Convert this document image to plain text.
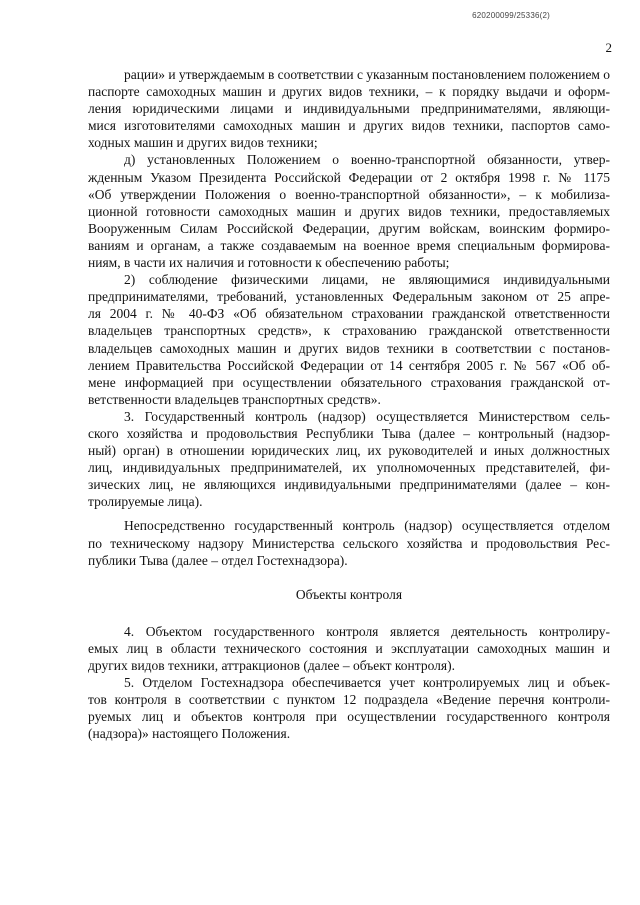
620200099/25336(2)
2
рации» и утверждаемым в соответствии с указанным постановлением положением о
паспорте самоходных машин и других видов техники, – к порядку выдачи и оформ-
ления юридическими лицами и индивидуальными предпринимателями, являющи-
мися изготовителями самоходных машин и других видов техники, паспортов само-
ходных машин и других видов техники;
д) установленных Положением о военно-транспортной обязанности, утвер-
жденным Указом Президента Российской Федерации от 2 октября 1998 г. № 1175
«Об утверждении Положения о военно-транспортной обязанности», – к мобилиза-
ционной готовности самоходных машин и других видов техники, предоставляемых
Вооруженным Силам Российской Федерации, другим войскам, воинским формиро-
ваниям и органам, а также создаваемым на военное время специальным формирова-
ниям, в части их наличия и готовности к обеспечению работы;
2) соблюдение физическими лицами, не являющимися индивидуальными
предпринимателями, требований, установленных Федеральным законом от 25 апре-
ля 2004 г. № 40-ФЗ «Об обязательном страховании гражданской ответственности
владельцев транспортных средств», к страхованию гражданской ответственности
владельцев самоходных машин и других видов техники в соответствии с постанов-
лением Правительства Российской Федерации от 14 сентября 2005 г. № 567 «Об об-
мене информацией при осуществлении обязательного страхования гражданской от-
ветственности владельцев транспортных средств».
3. Государственный контроль (надзор) осуществляется Министерством сель-
ского хозяйства и продовольствия Республики Тыва (далее – контрольный (надзор-
ный) орган) в отношении юридических лиц, их руководителей и иных должностных
лиц, индивидуальных предпринимателей, их уполномоченных представителей, фи-
зических лиц, не являющихся индивидуальными предпринимателями (далее – кон-
тролируемые лица).
Непосредственно государственный контроль (надзор) осуществляется отделом
по техническому надзору Министерства сельского хозяйства и продовольствия Рес-
публики Тыва (далее – отдел Гостехнадзора).
Объекты контроля
4. Объектом государственного контроля является деятельность контролиру-
емых лиц в области технического состояния и эксплуатации самоходных машин и
других видов техники, аттракционов (далее – объект контроля).
5. Отделом Гостехнадзора обеспечивается учет контролируемых лиц и объек-
тов контроля в соответствии с пунктом 12 подраздела «Ведение перечня контроли-
руемых лиц и объектов контроля при осуществлении государственного контроля
(надзора)» настоящего Положения.
